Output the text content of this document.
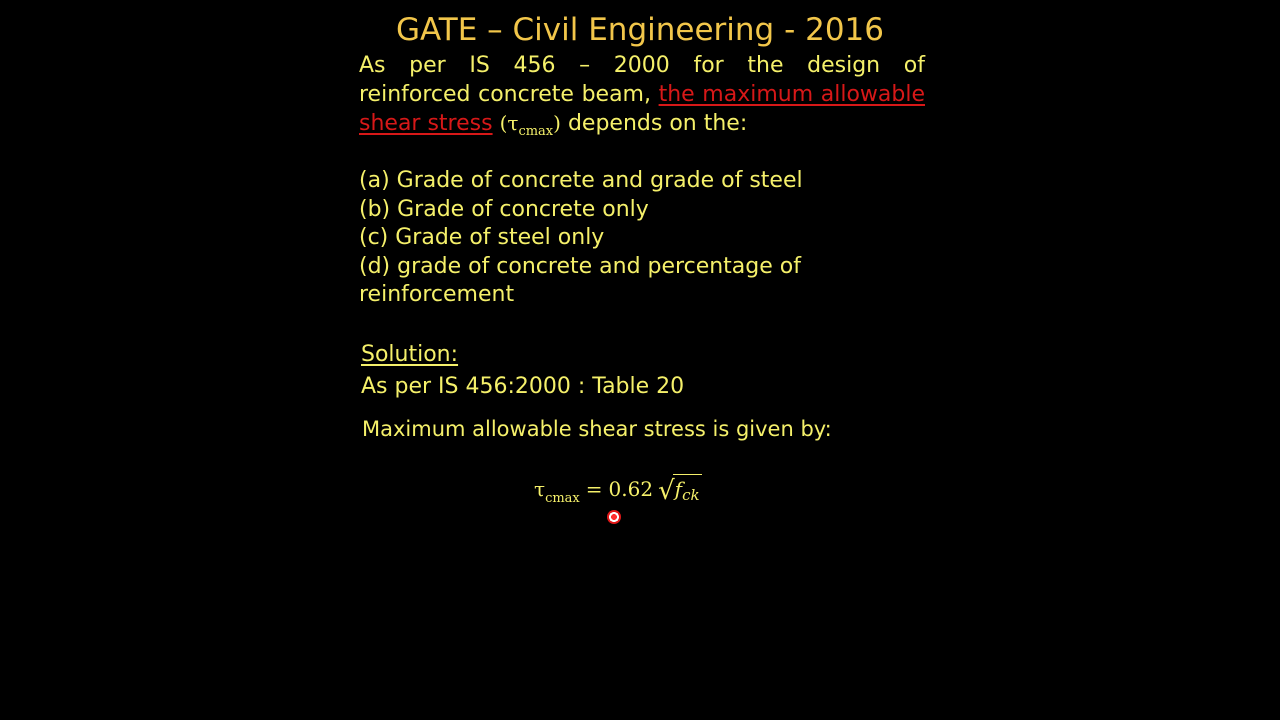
GATE – Civil Engineering - 2016
As per IS 456 – 2000 for the design of
reinforced concrete beam, the maximum allowable
shear stress $(\tau_{cmax})$ depends on the:
(a) Grade of concrete and grade of steel
(b) Grade of concrete only
(c) Grade of steel only
(d) grade of concrete and percentage of
reinforcement
Solution:
As per IS 456:2000 : Table 20
Maximum allowable shear stress is given by:
τcmax = 0.62 $√f_{ck}$
